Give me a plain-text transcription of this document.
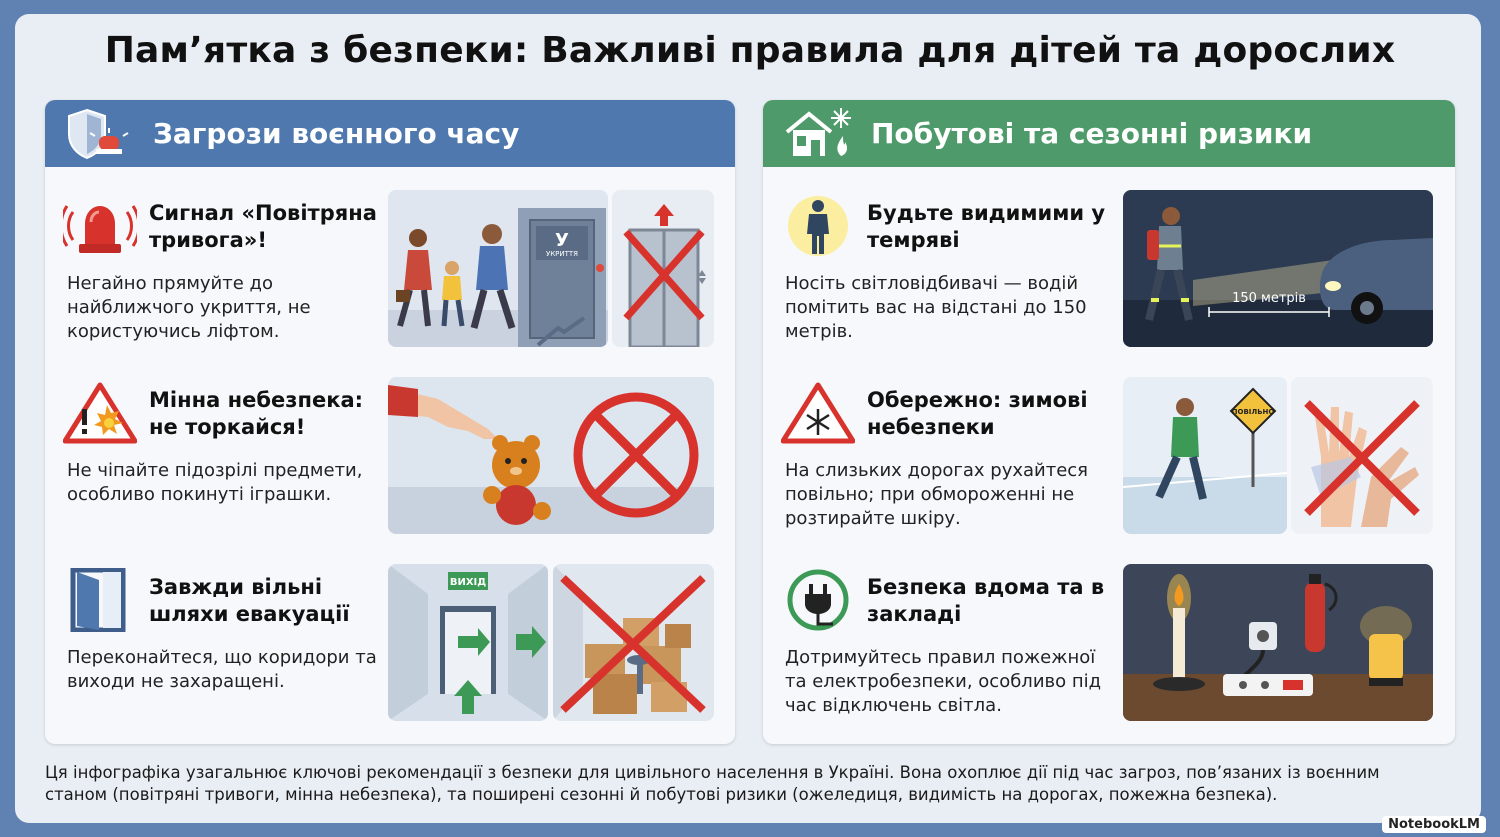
Пам’ятка з безпеки: Важливі правила для дітей та дорослих
Загрози воєнного часу
Сигнал «Повітряна тривога»!
Негайно прямуйте до найближчого укриття, не користуючись ліфтом.
У
УКРИТТЯ
Мінна небезпека: не торкайся!
Не чіпайте підозрілі предмети, особливо покинуті іграшки.
Завжди вільні шляхи евакуації
Переконайтеся, що коридори та виходи не захаращені.
ВИХІД
Побутові та сезонні ризики
Будьте видимими у темряві
Носіть світловідбивачі — водій помітить вас на відстані до 150 метрів.
150 метрів
Обережно: зимові небезпеки
На слизьких дорогах рухайтеся повільно; при обмороженні не розтирайте шкіру.
ПОВІЛЬНО
Безпека вдома та в закладі
Дотримуйтесь правил пожежної та електробезпеки, особливо під час відключень світла.
Ця інфографіка узагальнює ключові рекомендації з безпеки для цивільного населення в Україні. Вона охоплює дії під час загроз, пов’язаних із воєнним
станом (повітряні тривоги, мінна небезпека), та поширені сезонні й побутові ризики (ожеледиця, видимість на дорогах, пожежна безпека).
NotebookLM
